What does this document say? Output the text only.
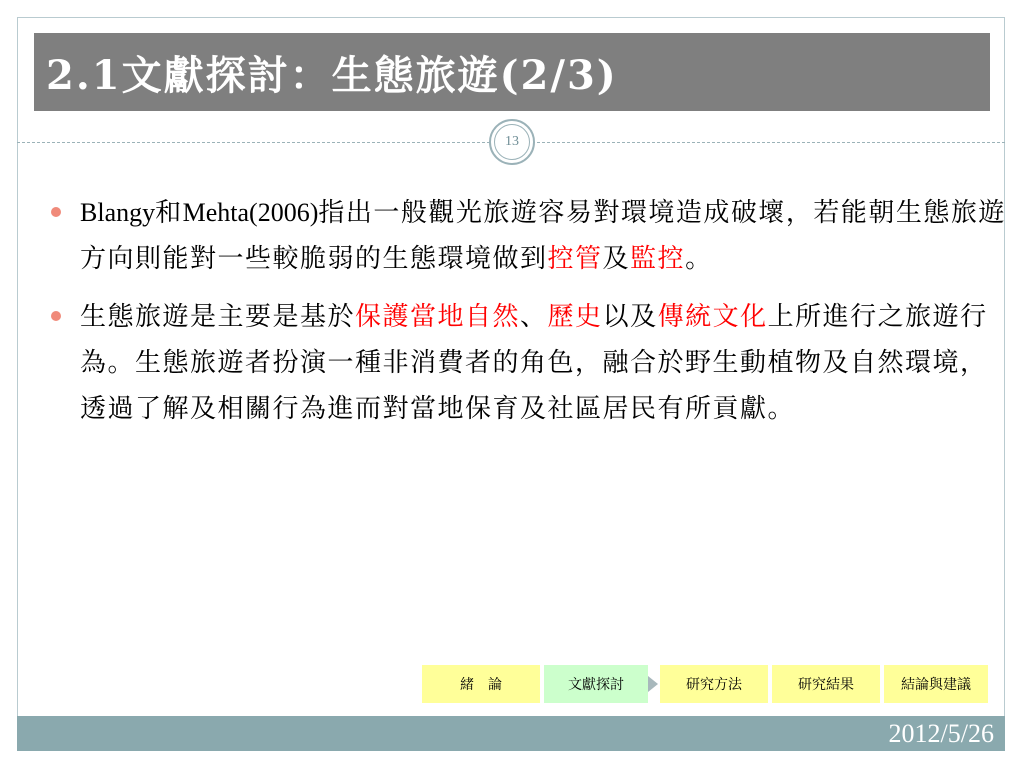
2.1文獻探討：生態旅遊(2/3)
13
Blangy和Mehta(2006)指出一般觀光旅遊容易對環境造成破壞，若能朝生態旅遊方向則能對一些較脆弱的生態環境做到控管及監控。
生態旅遊是主要是基於保護當地自然、歷史以及傳統文化上所進行之旅遊行為。生態旅遊者扮演一種非消費者的角色，融合於野生動植物及自然環境，透過了解及相關行為進而對當地保育及社區居民有所貢獻。
緒　論	文獻探討	研究方法	研究結果	結論與建議
2012/5/26
